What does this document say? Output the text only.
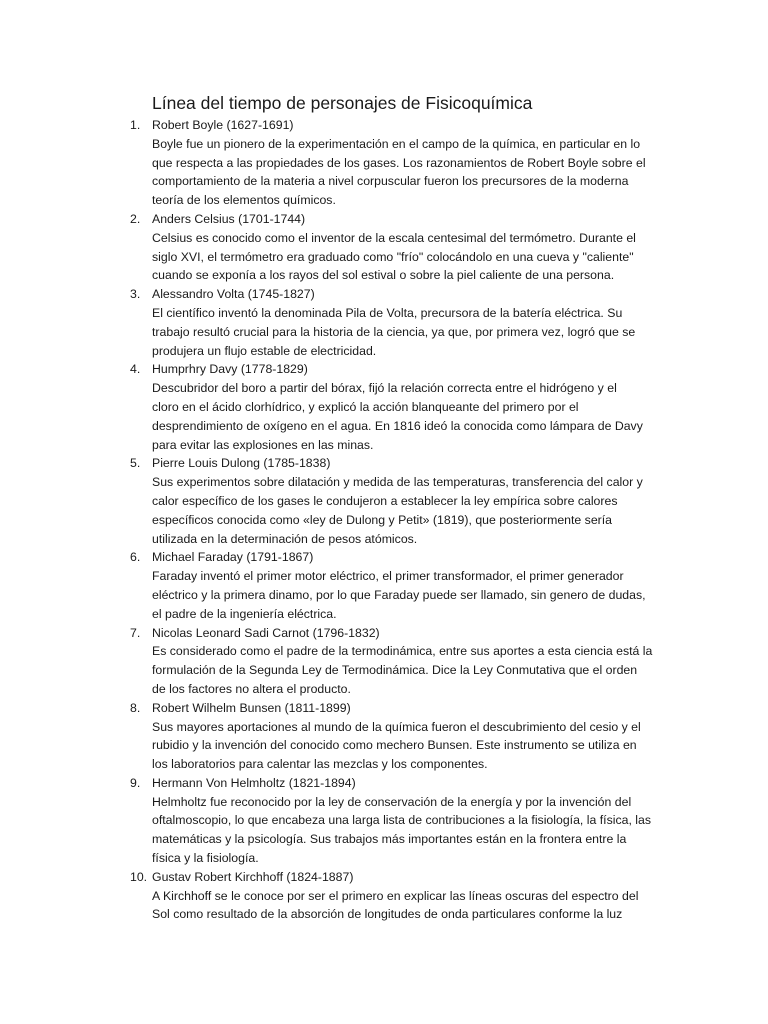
Línea del tiempo de personajes de Fisicoquímica
1. Robert Boyle (1627-1691)
Boyle fue un pionero de la experimentación en el campo de la química, en particular en lo
que respecta a las propiedades de los gases. Los razonamientos de Robert Boyle sobre el
comportamiento de la materia a nivel corpuscular fueron los precursores de la moderna
teoría de los elementos químicos.
2. Anders Celsius (1701-1744)
Celsius es conocido como el inventor de la escala centesimal del termómetro. Durante el
siglo XVI, el termómetro era graduado como "frío" colocándolo en una cueva y "caliente"
cuando se exponía a los rayos del sol estival o sobre la piel caliente de una persona.
3. Alessandro Volta (1745-1827)
El científico inventó la denominada Pila de Volta, precursora de la batería eléctrica. Su
trabajo resultó crucial para la historia de la ciencia, ya que, por primera vez, logró que se
produjera un flujo estable de electricidad.
4. Humprhry Davy (1778-1829)
Descubridor del boro a partir del bórax, fijó la relación correcta entre el hidrógeno y el
cloro en el ácido clorhídrico, y explicó la acción blanqueante del primero por el
desprendimiento de oxígeno en el agua. En 1816 ideó la conocida como lámpara de Davy
para evitar las explosiones en las minas.
5. Pierre Louis Dulong (1785-1838)
Sus experimentos sobre dilatación y medida de las temperaturas, transferencia del calor y
calor específico de los gases le condujeron a establecer la ley empírica sobre calores
específicos conocida como «ley de Dulong y Petit» (1819), que posteriormente sería
utilizada en la determinación de pesos atómicos.
6. Michael Faraday (1791-1867)
Faraday inventó el primer motor eléctrico, el primer transformador, el primer generador
eléctrico y la primera dinamo, por lo que Faraday puede ser llamado, sin genero de dudas,
el padre de la ingeniería eléctrica.
7. Nicolas Leonard Sadi Carnot (1796-1832)
Es considerado como el padre de la termodinámica, entre sus aportes a esta ciencia está la
formulación de la Segunda Ley de Termodinámica. Dice la Ley Conmutativa que el orden
de los factores no altera el producto.
8. Robert Wilhelm Bunsen (1811-1899)
Sus mayores aportaciones al mundo de la química fueron el descubrimiento del cesio y el
rubidio y la invención del conocido como mechero Bunsen. Este instrumento se utiliza en
los laboratorios para calentar las mezclas y los componentes.
9. Hermann Von Helmholtz (1821-1894)
Helmholtz fue reconocido por la ley de conservación de la energía y por la invención del
oftalmoscopio, lo que encabeza una larga lista de contribuciones a la fisiología, la física, las
matemáticas y la psicología. Sus trabajos más importantes están en la frontera entre la
física y la fisiología.
10. Gustav Robert Kirchhoff (1824-1887)
A Kirchhoff se le conoce por ser el primero en explicar las líneas oscuras del espectro del
Sol como resultado de la absorción de longitudes de onda particulares conforme la luz
